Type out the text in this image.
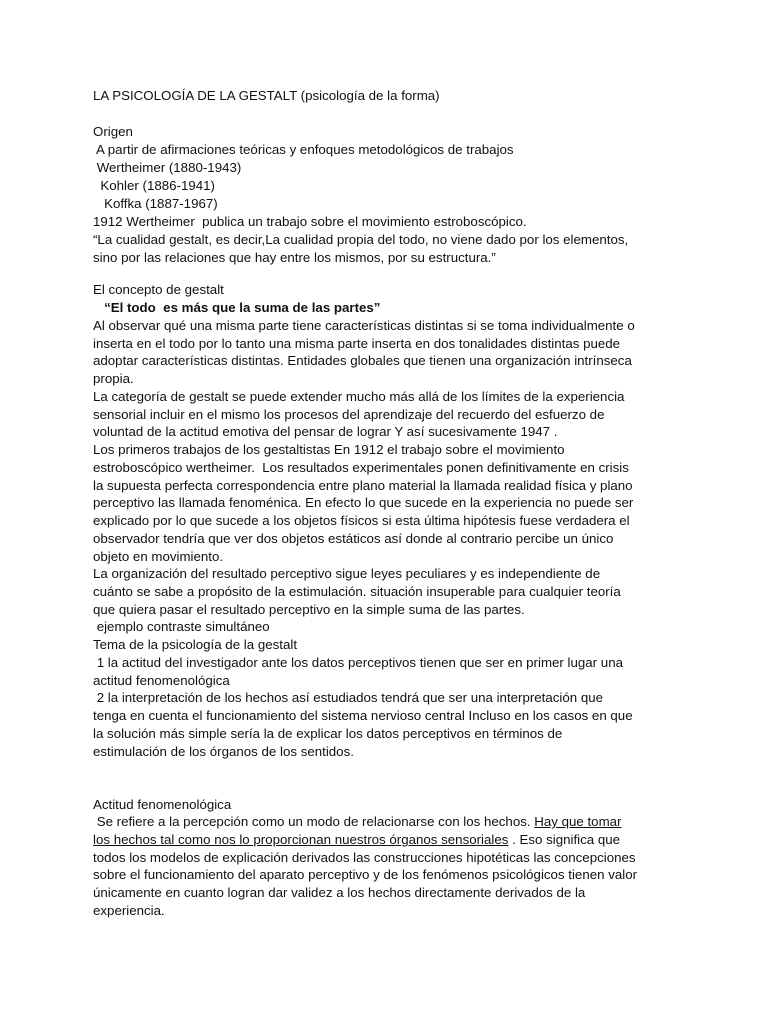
LA PSICOLOGÍA DE LA GESTALT (psicología de la forma)
Origen
A partir de afirmaciones teóricas y enfoques metodológicos de trabajos
Wertheimer (1880-1943)
Kohler (1886-1941)
Koffka (1887-1967)
1912 Wertheimer  publica un trabajo sobre el movimiento estroboscópico.
“La cualidad gestalt, es decir,La cualidad propia del todo, no viene dado por los elementos,
sino por las relaciones que hay entre los mismos, por su estructura.”
El concepto de gestalt
“El todo  es más que la suma de las partes”
Al observar qué una misma parte tiene características distintas si se toma individualmente o
inserta en el todo por lo tanto una misma parte inserta en dos tonalidades distintas puede
adoptar características distintas. Entidades globales que tienen una organización intrínseca
propia.
La categoría de gestalt se puede extender mucho más allá de los límites de la experiencia
sensorial incluir en el mismo los procesos del aprendizaje del recuerdo del esfuerzo de
voluntad de la actitud emotiva del pensar de lograr Y así sucesivamente 1947 .
Los primeros trabajos de los gestaltistas En 1912 el trabajo sobre el movimiento
estroboscópico wertheimer.  Los resultados experimentales ponen definitivamente en crisis
la supuesta perfecta correspondencia entre plano material la llamada realidad física y plano
perceptivo las llamada fenoménica. En efecto lo que sucede en la experiencia no puede ser
explicado por lo que sucede a los objetos físicos si esta última hipótesis fuese verdadera el
observador tendría que ver dos objetos estáticos así donde al contrario percibe un único
objeto en movimiento.
La organización del resultado perceptivo sigue leyes peculiares y es independiente de
cuánto se sabe a propósito de la estimulación. situación insuperable para cualquier teoría
que quiera pasar el resultado perceptivo en la simple suma de las partes.
ejemplo contraste simultáneo
Tema de la psicología de la gestalt
1 la actitud del investigador ante los datos perceptivos tienen que ser en primer lugar una
actitud fenomenológica
2 la interpretación de los hechos así estudiados tendrá que ser una interpretación que
tenga en cuenta el funcionamiento del sistema nervioso central Incluso en los casos en que
la solución más simple sería la de explicar los datos perceptivos en términos de
estimulación de los órganos de los sentidos.
Actitud fenomenológica
Se refiere a la percepción como un modo de relacionarse con los hechos. Hay que tomar
los hechos tal como nos lo proporcionan nuestros órganos sensoriales . Eso significa que
todos los modelos de explicación derivados las construcciones hipotéticas las concepciones
sobre el funcionamiento del aparato perceptivo y de los fenómenos psicológicos tienen valor
únicamente en cuanto logran dar validez a los hechos directamente derivados de la
experiencia.
